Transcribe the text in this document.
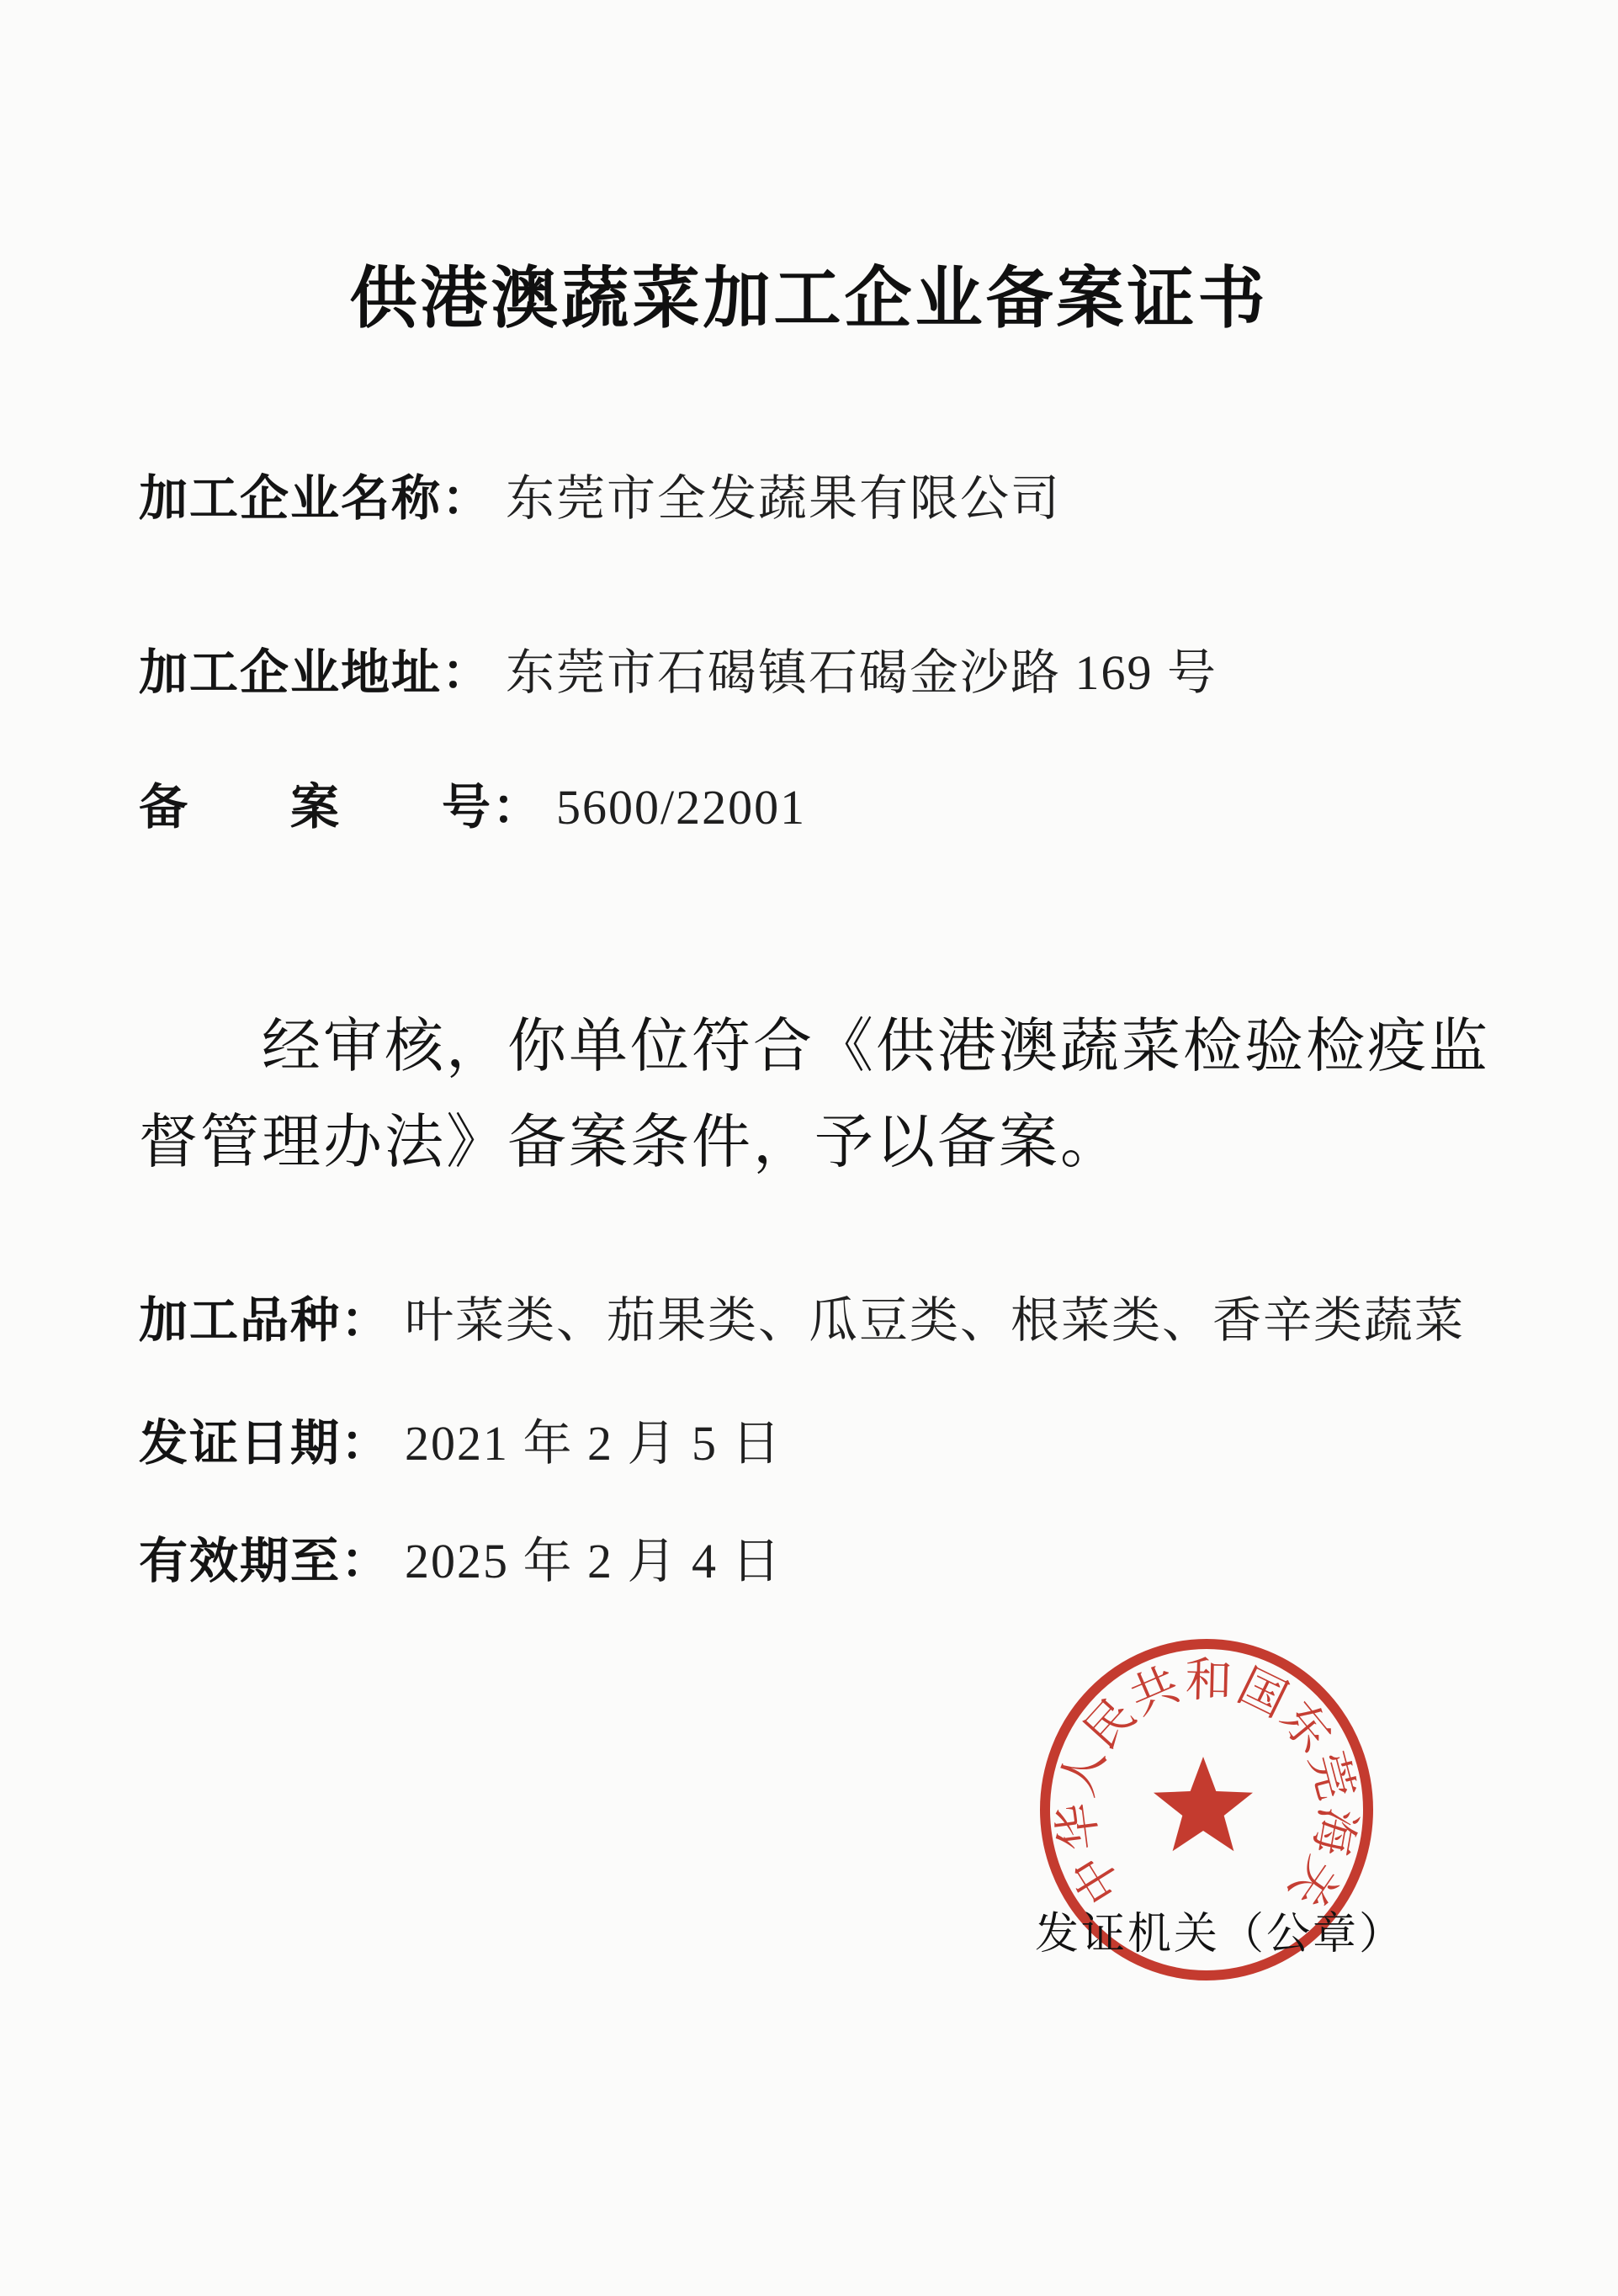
供港澳蔬菜加工企业备案证书
加工企业名称： 东莞市全发蔬果有限公司
加工企业地址： 东莞市石碣镇石碣金沙路 169 号
备　　案　　号： 5600/22001
经审核，你单位符合《供港澳蔬菜检验检疫监
督管理办法》备案条件，予以备案。
加工品种： 叶菜类、茄果类、瓜豆类、根菜类、香辛类蔬菜
发证日期： 2021 年 2 月 5 日
有效期至： 2025 年 2 月 4 日
中华人民共和国东莞海关
发证机关（公章）
